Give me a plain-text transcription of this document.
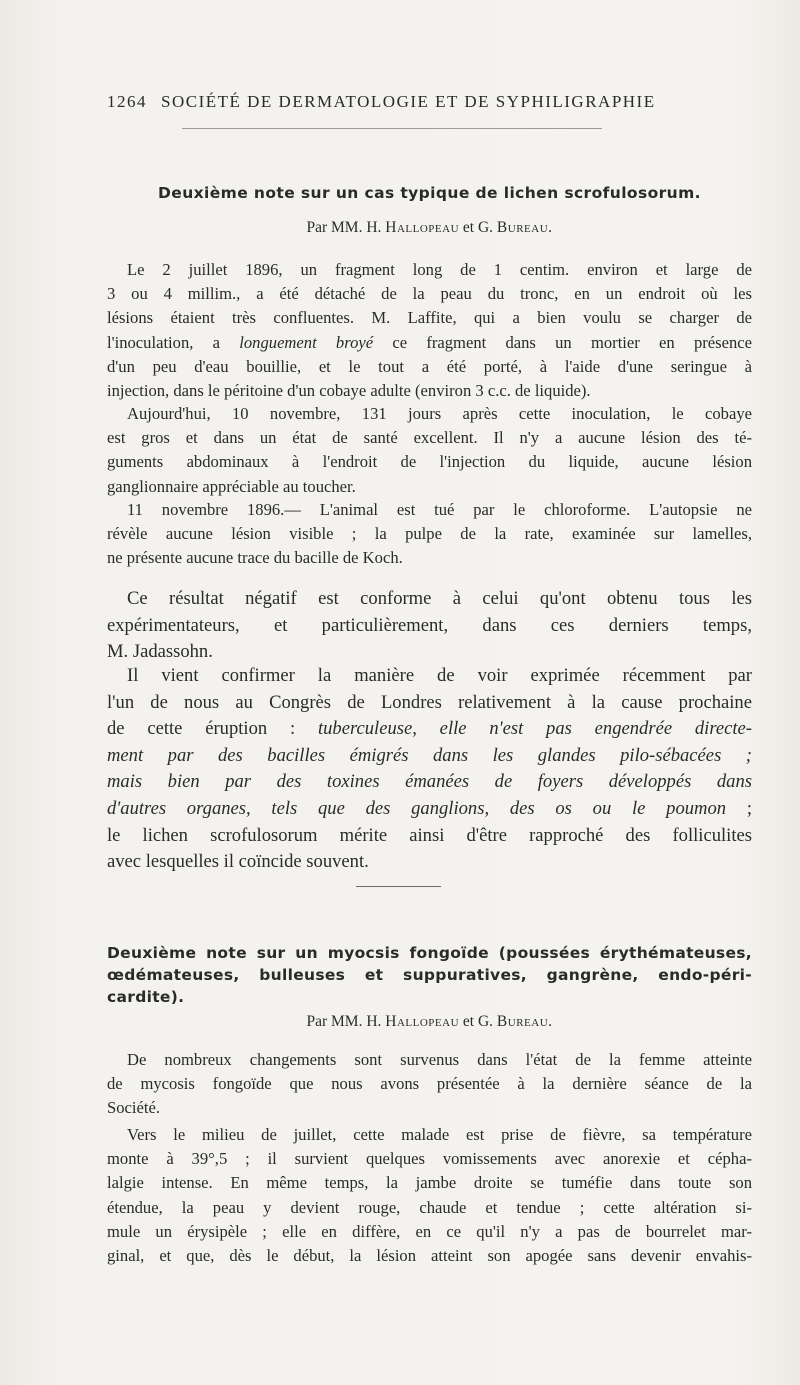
1264 SOCIÉTÉ DE DERMATOLOGIE ET DE SYPHILIGRAPHIE
Deuxième note sur un cas typique de lichen scrofulosorum.
Par MM. H. Hallopeau et G. Bureau.
Le 2 juillet 1896, un fragment long de 1 centim. environ et large de
3 ou 4 millim., a été détaché de la peau du tronc, en un endroit où les
lésions étaient très confluentes. M. Laffite, qui a bien voulu se charger de
l'inoculation, a longuement broyé ce fragment dans un mortier en présence
d'un peu d'eau bouillie, et le tout a été porté, à l'aide d'une seringue à
injection, dans le péritoine d'un cobaye adulte (environ 3 c.c. de liquide).
Aujourd'hui, 10 novembre, 131 jours après cette inoculation, le cobaye
est gros et dans un état de santé excellent. Il n'y a aucune lésion des té-
guments abdominaux à l'endroit de l'injection du liquide, aucune lésion
ganglionnaire appréciable au toucher.
11 novembre 1896.— L'animal est tué par le chloroforme. L'autopsie ne
révèle aucune lésion visible ; la pulpe de la rate, examinée sur lamelles,
ne présente aucune trace du bacille de Koch.
Ce résultat négatif est conforme à celui qu'ont obtenu tous les
expérimentateurs, et particulièrement, dans ces derniers temps,
M. Jadassohn.
Il vient confirmer la manière de voir exprimée récemment par
l'un de nous au Congrès de Londres relativement à la cause prochaine
de cette éruption : tuberculeuse, elle n'est pas engendrée directe-
ment par des bacilles émigrés dans les glandes pilo-sébacées ;
mais bien par des toxines émanées de foyers développés dans
d'autres organes, tels que des ganglions, des os ou le poumon ;
le lichen scrofulosorum mérite ainsi d'être rapproché des folliculites
avec lesquelles il coïncide souvent.
Deuxième note sur un myocsis fongoïde (poussées érythémateuses,
œdémateuses, bulleuses et suppuratives, gangrène, endo-péri-
cardite).
Par MM. H. Hallopeau et G. Bureau.
De nombreux changements sont survenus dans l'état de la femme atteinte
de mycosis fongoïde que nous avons présentée à la dernière séance de la
Société.
Vers le milieu de juillet, cette malade est prise de fièvre, sa température
monte à 39°,5 ; il survient quelques vomissements avec anorexie et cépha-
lalgie intense. En même temps, la jambe droite se tuméfie dans toute son
étendue, la peau y devient rouge, chaude et tendue ; cette altération si-
mule un érysipèle ; elle en diffère, en ce qu'il n'y a pas de bourrelet mar-
ginal, et que, dès le début, la lésion atteint son apogée sans devenir envahis-
